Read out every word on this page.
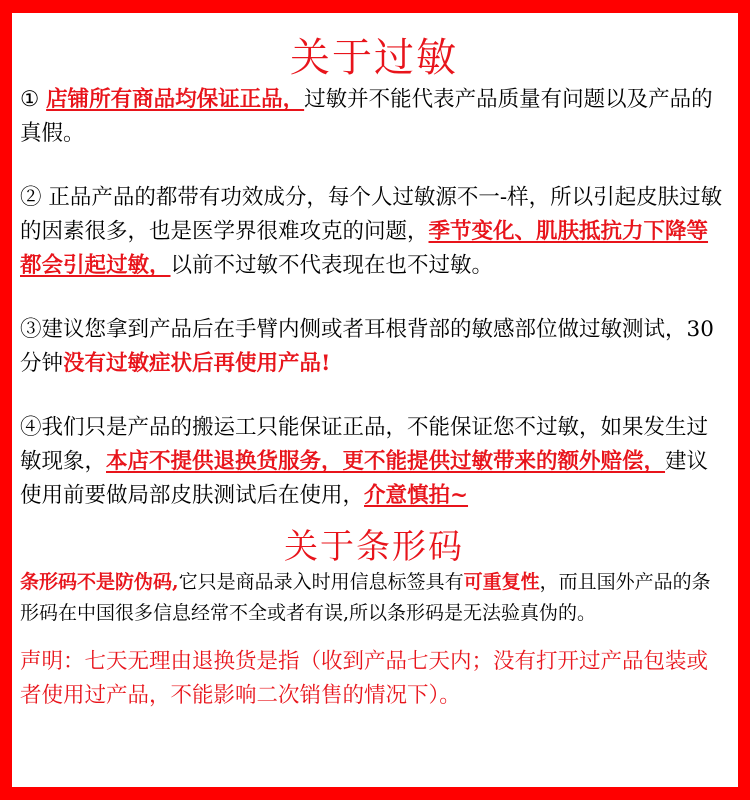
关于过敏

① 店铺所有商品均保证正品，过敏并不能代表产品质量有问题以及产品的真假。

② 正品产品的都带有功效成分，每个人过敏源不一-样，所以引起皮肤过敏的因素很多，也是医学界很难攻克的问题，季节变化、肌肤抵抗力下降等都会引起过敏，以前不过敏不代表现在也不过敏。

③建议您拿到产品后在手臂内侧或者耳根背部的敏感部位做过敏测试，30 分钟没有过敏症状后再使用产品!

④我们只是产品的搬运工只能保证正品，不能保证您不过敏，如果发生过敏现象，本店不提供退换货服务，更不能提供过敏带来的额外赔偿，建议使用前要做局部皮肤测试后在使用，介意慎拍~

关于条形码

条形码不是防伪码,它只是商品录入时用信息标签具有可重复性，而且国外产品的条形码在中国很多信息经常不全或者有误,所以条形码是无法验真伪的。

声明：七天无理由退换货是指（收到产品七天内；没有打开过产品包装或者使用过产品，不能影响二次销售的情况下）。
